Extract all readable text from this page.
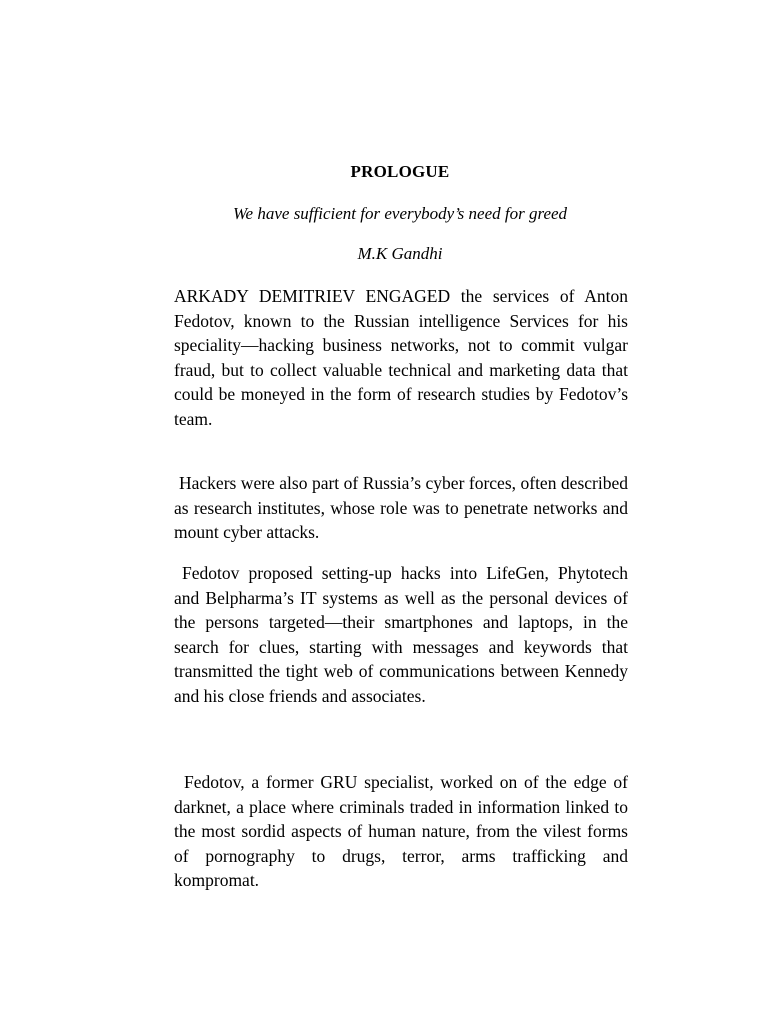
PROLOGUE
We have sufficient for everybody’s need for greed
M.K Gandhi

ARKADY DEMITRIEV ENGAGED the services of Anton Fedotov, known to the Russian intelligence Services for his speciality—hacking business networks, not to commit vulgar fraud, but to collect valuable technical and marketing data that could be moneyed in the form of research studies by Fedotov’s team.

Hackers were also part of Russia’s cyber forces, often described as research institutes, whose role was to penetrate networks and mount cyber attacks.

Fedotov proposed setting-up hacks into LifeGen, Phytotech and Belpharma’s IT systems as well as the personal devices of the persons targeted—their smartphones and laptops, in the search for clues, starting with messages and keywords that transmitted the tight web of communications between Kennedy and his close friends and associates.

Fedotov, a former GRU specialist, worked on of the edge of darknet, a place where criminals traded in information linked to the most sordid aspects of human nature, from the vilest forms of pornography to drugs, terror, arms trafficking and kompromat.
